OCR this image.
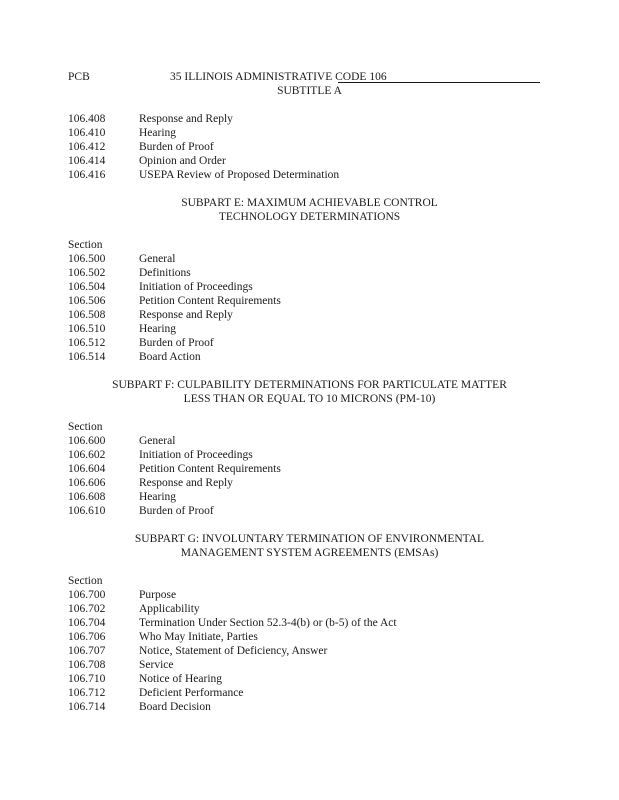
PCB	35 ILLINOIS ADMINISTRATIVE CODE 106
SUBTITLE A
106.408	Response and Reply
106.410	Hearing
106.412	Burden of Proof
106.414	Opinion and Order
106.416	USEPA Review of Proposed Determination
SUBPART E: MAXIMUM ACHIEVABLE CONTROL
TECHNOLOGY DETERMINATIONS
Section
106.500	General
106.502	Definitions
106.504	Initiation of Proceedings
106.506	Petition Content Requirements
106.508	Response and Reply
106.510	Hearing
106.512	Burden of Proof
106.514	Board Action
SUBPART F: CULPABILITY DETERMINATIONS FOR PARTICULATE MATTER
LESS THAN OR EQUAL TO 10 MICRONS (PM-10)
Section
106.600	General
106.602	Initiation of Proceedings
106.604	Petition Content Requirements
106.606	Response and Reply
106.608	Hearing
106.610	Burden of Proof
SUBPART G: INVOLUNTARY TERMINATION OF ENVIRONMENTAL
MANAGEMENT SYSTEM AGREEMENTS (EMSAs)
Section
106.700	Purpose
106.702	Applicability
106.704	Termination Under Section 52.3-4(b) or (b-5) of the Act
106.706	Who May Initiate, Parties
106.707	Notice, Statement of Deficiency, Answer
106.708	Service
106.710	Notice of Hearing
106.712	Deficient Performance
106.714	Board Decision
